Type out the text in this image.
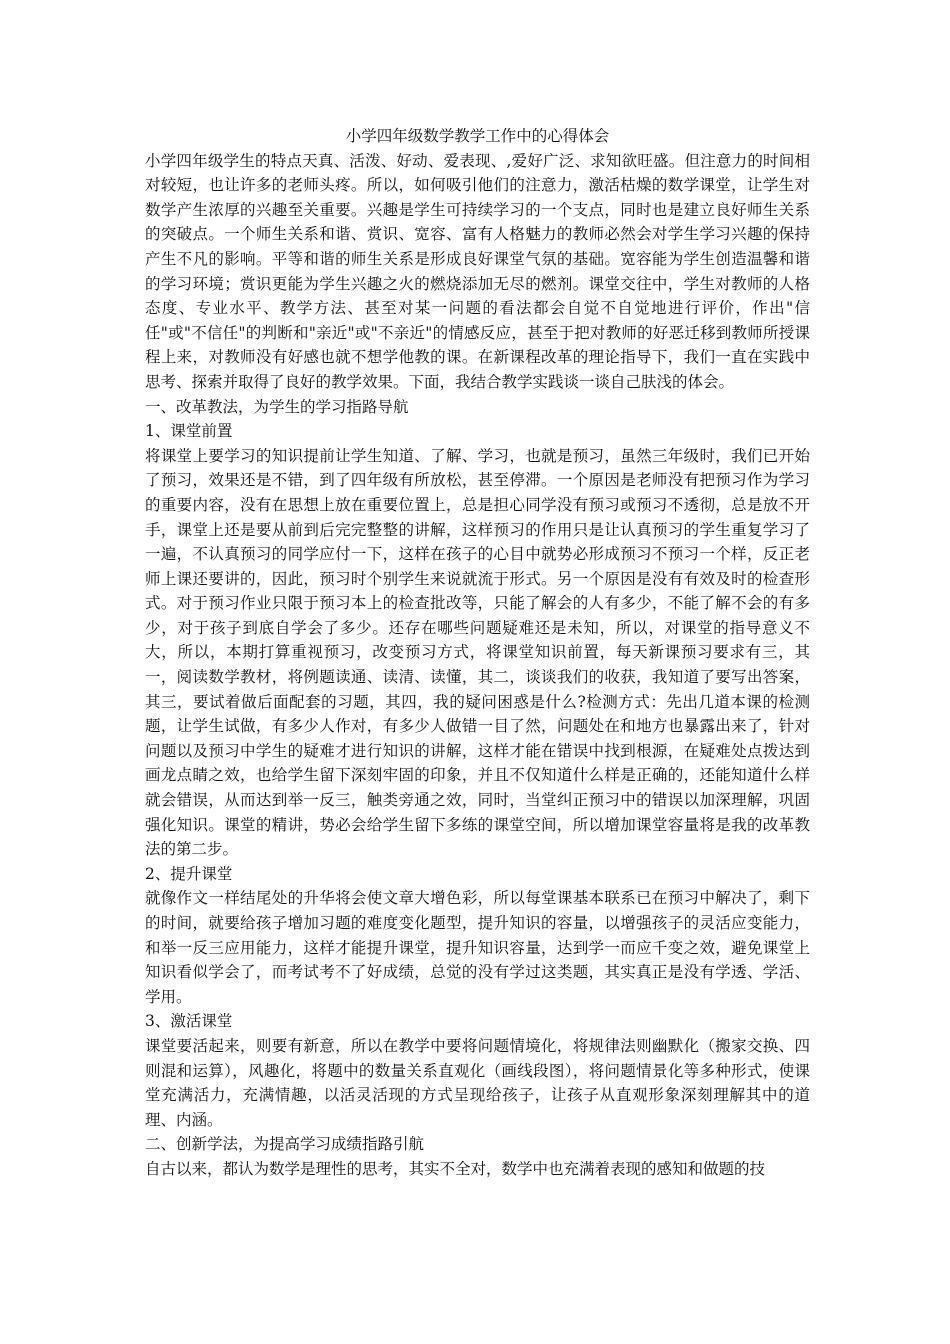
小学四年级数学教学工作中的心得体会

小学四年级学生的特点天真、活泼、好动、爱表现、,爱好广泛、求知欲旺盛。但注意力的时间相对较短，也让许多的老师头疼。所以，如何吸引他们的注意力，激活枯燥的数学课堂，让学生对数学产生浓厚的兴趣至关重要。兴趣是学生可持续学习的一个支点，同时也是建立良好师生关系的突破点。一个师生关系和谐、赏识、宽容、富有人格魅力的教师必然会对学生学习兴趣的保持产生不凡的影响。平等和谐的师生关系是形成良好课堂气氛的基础。宽容能为学生创造温馨和谐的学习环境；赏识更能为学生兴趣之火的燃烧添加无尽的燃剂。课堂交往中，学生对教师的人格态度、专业水平、教学方法、甚至对某一问题的看法都会自觉不自觉地进行评价，作出"信任"或"不信任"的判断和"亲近"或"不亲近"的情感反应，甚至于把对教师的好恶迁移到教师所授课程上来，对教师没有好感也就不想学他教的课。在新课程改革的理论指导下，我们一直在实践中思考、探索并取得了良好的教学效果。下面，我结合教学实践谈一谈自己肤浅的体会。

一、改革教法，为学生的学习指路导航

1、课堂前置

将课堂上要学习的知识提前让学生知道、了解、学习，也就是预习，虽然三年级时，我们已开始了预习，效果还是不错，到了四年级有所放松，甚至停滞。一个原因是老师没有把预习作为学习的重要内容，没有在思想上放在重要位置上，总是担心同学没有预习或预习不透彻，总是放不开手，课堂上还是要从前到后完完整整的讲解，这样预习的作用只是让认真预习的学生重复学习了一遍，不认真预习的同学应付一下，这样在孩子的心目中就势必形成预习不预习一个样，反正老师上课还要讲的，因此，预习时个别学生来说就流于形式。另一个原因是没有有效及时的检查形式。对于预习作业只限于预习本上的检查批改等，只能了解会的人有多少，不能了解不会的有多少，对于孩子到底自学会了多少。还存在哪些问题疑难还是未知，所以，对课堂的指导意义不大，所以，本期打算重视预习，改变预习方式，将课堂知识前置，每天新课预习要求有三，其一，阅读数学教材，将例题读通、读清、读懂，其二，谈谈我们的收获，我知道了要写出答案，其三，要试着做后面配套的习题，其四，我的疑问困惑是什么?检测方式：先出几道本课的检测题，让学生试做，有多少人作对，有多少人做错一目了然，问题处在和地方也暴露出来了，针对问题以及预习中学生的疑难才进行知识的讲解，这样才能在错误中找到根源，在疑难处点拨达到画龙点睛之效，也给学生留下深刻牢固的印象，并且不仅知道什么样是正确的，还能知道什么样就会错误，从而达到举一反三，触类旁通之效，同时，当堂纠正预习中的错误以加深理解，巩固强化知识。课堂的精讲，势必会给学生留下多练的课堂空间，所以增加课堂容量将是我的改革教法的第二步。

2、提升课堂

就像作文一样结尾处的升华将会使文章大增色彩，所以每堂课基本联系已在预习中解决了，剩下的时间，就要给孩子增加习题的难度变化题型，提升知识的容量，以增强孩子的灵活应变能力，和举一反三应用能力，这样才能提升课堂，提升知识容量，达到学一而应千变之效，避免课堂上知识看似学会了，而考试考不了好成绩，总觉的没有学过这类题，其实真正是没有学透、学活、学用。

3、激活课堂

课堂要活起来，则要有新意，所以在教学中要将问题情境化，将规律法则幽默化（搬家交换、四则混和运算），风趣化，将题中的数量关系直观化（画线段图），将问题情景化等多种形式，使课堂充满活力，充满情趣，以活灵活现的方式呈现给孩子，让孩子从直观形象深刻理解其中的道理、内涵。

二、创新学法，为提高学习成绩指路引航

自古以来，都认为数学是理性的思考，其实不全对，数学中也充满着表现的感知和做题的技
